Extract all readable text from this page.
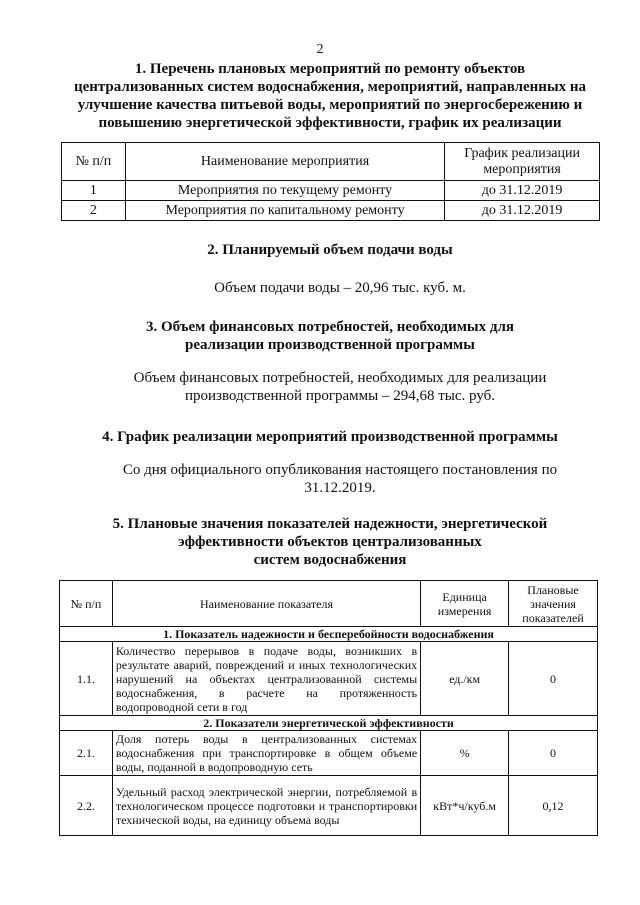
2
1. Перечень плановых мероприятий по ремонту объектов
централизованных систем водоснабжения, мероприятий, направленных на
улучшение качества питьевой воды, мероприятий по энергосбережению и
повышению энергетической эффективности, график их реализации
№ п/п	Наименование мероприятия	График реализации мероприятия
1	Мероприятия по текущему ремонту	до 31.12.2019
2	Мероприятия по капитальному ремонту	до 31.12.2019
2. Планируемый объем подачи воды
Объем подачи воды – 20,96 тыс. куб. м.
3. Объем финансовых потребностей, необходимых для
реализации производственной программы
Объем финансовых потребностей, необходимых для реализации
производственной программы – 294,68 тыс. руб.
4. График реализации мероприятий производственной программы
Со дня официального опубликования настоящего постановления по
31.12.2019.
5. Плановые значения показателей надежности, энергетической
эффективности объектов централизованных
систем водоснабжения
№ п/п	Наименование показателя	Единица измерения	Плановые значения показателей
1. Показатель надежности и бесперебойности водоснабжения			
1.1.	Количество перерывов в подаче воды, возникших в результате аварий, повреждений и иных технологических нарушений на объектах централизованной системы водоснабжения, в расчете на протяженность водопроводной сети в год	ед./км	0
2. Показатели энергетической эффективности			
2.1.	Доля потерь воды в централизованных системах водоснабжения при транспортировке в общем объеме воды, поданной в водопроводную сеть	%	0
2.2.	Удельный расход электрической энергии, потребляемой в технологическом процессе подготовки и транспортировки технической воды, на единицу объема воды	кВт*ч/куб.м	0,12
